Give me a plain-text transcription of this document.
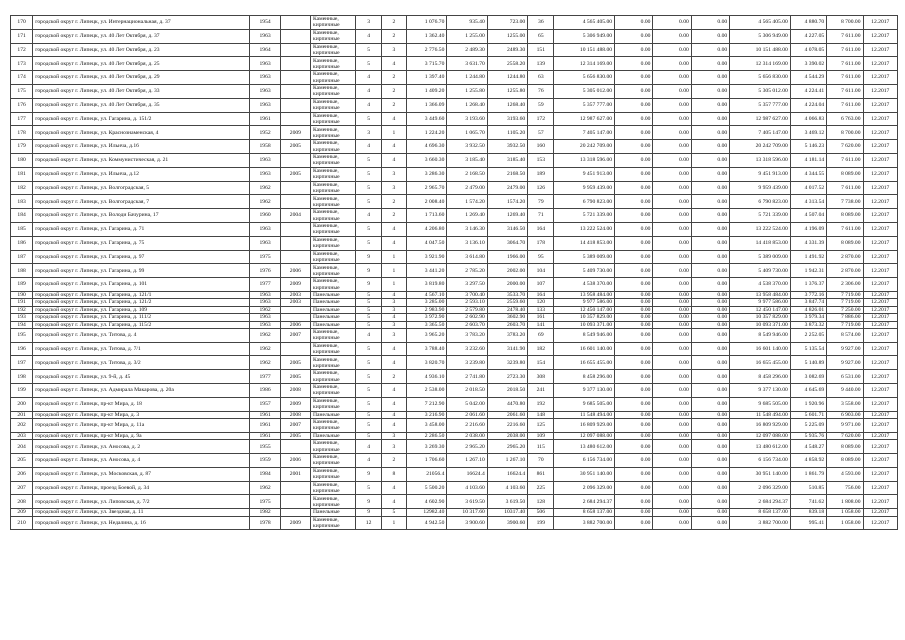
170	городской округ г. Липецк, ул. Интернациональная, д. 37	1954		Каменные, кирпичные	3	2	1 076.70	935.40	723.00	36	4 565 405.00	0.00	0.00	0.00	4 565 405.00	4 880.70	8 700.00	12.2017
171	городской округ г. Липецк, ул. 40 Лет Октября, д. 37	1963		Каменные, кирпичные	4	2	1 362.40	1 255.00	1255.00	65	5 306 949.00	0.00	0.00	0.00	5 306 949.00	4 227.05	7 611.00	12.2017
172	городской округ г. Липецк, ул. 40 Лет Октября, д. 23	1964		Каменные, кирпичные	5	3	2 776.50	2 489.30	2489.30	151	10 151 488.00	0.00	0.00	0.00	10 151 488.00	4 078.05	7 611.00	12.2017
173	городской округ г. Липецк, ул. 40 Лет Октября, д. 25	1963		Каменные, кирпичные	5	4	3 715.70	3 631.70	2558.20	139	12 314 169.00	0.00	0.00	0.00	12 314 169.00	3 390.02	7 611.00	12.2017
174	городской округ г. Липецк, ул. 40 Лет Октября, д. 29	1963		Каменные, кирпичные	4	2	1 397.40	1 244.80	1244.80	63	5 656 830.00	0.00	0.00	0.00	5 656 830.00	4 544.29	7 611.00	12.2017
175	городской округ г. Липецк, ул. 40 Лет Октября, д. 33	1963		Каменные, кирпичные	4	2	1 409.20	1 255.80	1255.80	76	5 305 012.00	0.00	0.00	0.00	5 305 012.00	4 224.41	7 611.00	12.2017
176	городской округ г. Липецк, ул. 40 Лет Октября, д. 35	1963		Каменные, кирпичные	4	2	1 366.09	1 268.40	1268.40	59	5 357 777.00	0.00	0.00	0.00	5 357 777.00	4 224.04	7 611.00	12.2017
177	городской округ г. Липецк, ул. Гагарина, д. 151/2	1961		Каменные, кирпичные	5	4	3 449.60	3 193.60	3193.60	172	12 987 627.00	0.00	0.00	0.00	12 987 627.00	4 066.83	6 763.00	12.2017
178	городской округ г. Липецк, ул. Краснознаменская, 4	1952	2009	Каменные, кирпичные	3	1	1 224.20	1 065.70	1105.20	57	7 405 147.00	0.00	0.00	0.00	7 405 147.00	3 469.12	8 700.00	12.2017
179	городской округ г. Липецк, ул. Ильича, д.16	1958	2005	Каменные, кирпичные	4	4	4 696.30	3 932.50	3932.50	160	20 242 709.00	0.00	0.00	0.00	20 242 709.00	5 146.23	7 620.00	12.2017
180	городской округ г. Липецк, ул. Коммунистическая, д. 21	1963		Каменные, кирпичные	5	4	3 660.30	3 185.40	3185.40	153	13 318 596.00	0.00	0.00	0.00	13 318 596.00	4 181.14	7 611.00	12.2017
181	городской округ г. Липецк, ул. Ильича, д.12	1963	2005	Каменные, кирпичные	5	3	3 286.30	2 168.50	2168.50	189	9 451 913.00	0.00	0.00	0.00	9 451 913.00	4 344.55	8 089.00	12.2017
182	городской округ г. Липецк, ул. Волгоградская, 5	1962		Каменные, кирпичные	5	3	2 965.70	2 479.00	2479.00	126	9 959 439.00	0.00	0.00	0.00	9 959 439.00	4 017.52	7 611.00	12.2017
183	городской округ г. Липецк, ул. Волгоградская, 7	1962		Каменные, кирпичные	5	2	2 008.40	1 574.20	1574.20	79	6 790 823.00	0.00	0.00	0.00	6 790 823.00	4 313.54	7 738.00	12.2017
184	городской округ г. Липецк, ул. Володи Бачурина, 17	1960	2004	Каменные, кирпичные	4	2	1 713.60	1 269.40	1269.40	71	5 721 339.00	0.00	0.00	0.00	5 721 339.00	4 507.04	8 089.00	12.2017
185	городской округ г. Липецк, ул. Гагарина, д. 71	1963		Каменные, кирпичные	5	4	4 206.80	3 146.30	3146.50	164	13 222 524.00	0.00	0.00	0.00	13 222 524.00	4 196.09	7 611.00	12.2017
186	городской округ г. Липецк, ул. Гагарина, д. 75	1963		Каменные, кирпичные	5	4	4 047.50	3 136.10	3064.70	178	14 418 853.00	0.00	0.00	0.00	14 418 853.00	4 331.39	8 089.00	12.2017
187	городской округ г. Липецк, ул. Гагарина, д. 97	1975		Каменные, кирпичные	9	1	3 921.90	3 614.80	1966.00	95	5 389 009.00	0.00	0.00	0.00	5 389 009.00	1 491.92	2 870.00	12.2017
188	городской округ г. Липецк, ул. Гагарина, д. 99	1976	2006	Каменные, кирпичные	9	1	3 441.20	2 785.20	2002.00	104	5 409 730.00	0.00	0.00	0.00	5 409 730.00	1 942.31	2 870.00	12.2017
189	городской округ г. Липецк, ул. Гагарина, д. 101	1977	2009	Каменные, кирпичные	9	1	3 819.80	3 297.50	2000.00	107	4 538 370.00	0.00	0.00	0.00	4 538 370.00	1 376.37	2 306.00	12.2017
190	городской округ г. Липецк, ул. Гагарина, д. 121/1	1963	2003	Панельные	5	4	4 567.10	3 700.40	3533.70	164	13 958 484.00	0.00	0.00	0.00	13 958 484.00	3 772.16	7 719.00	12.2017
191	городской округ г. Липецк, ул. Гагарина, д. 121/2	1963	2003	Панельные	5	3	3 285.00	2 593.10	2559.60	120	9 977 586.00	0.00	0.00	0.00	9 977 586.00	3 847.74	7 719.00	12.2017
192	городской округ г. Липецк, ул. Гагарина, д. 109	1962		Панельные	5	3	2 983.90	2 579.80	2478.40	133	12 450 147.00	0.00	0.00	0.00	12 450 147.00	4 826.01	7 250.00	12.2017
193	городской округ г. Липецк, ул. Гагарина, д. 111/2	1963		Панельные	5	4	3 972.90	2 602.90	3602.90	161	10 357 829.00	0.00	0.00	0.00	10 357 829.00	3 979.34	7 886.00	12.2017
194	городской округ г. Липецк, ул. Гагарина, д. 115/2	1963	2006	Панельные	5	3	3 365.50	2 603.70	2603.70	141	10 093 371.00	0.00	0.00	0.00	10 093 371.00	3 873.32	7 719.00	12.2017
195	городской округ г. Липецк, ул. Титова, д. 4	1962	2007	Каменные, кирпичные	4	3	3 965.20	3 783.20	3783.20	69	8 549 946.00	0.00	0.00	0.00	8 549 946.00	2 252.05	8 574.00	12.2017
196	городской округ г. Липецк, ул. Титова, д. 7/1	1962		Каменные, кирпичные	5	4	3 788.40	3 232.60	3141.90	182	16 601 140.00	0.00	0.00	0.00	16 601 140.00	5 135.54	9 927.00	12.2017
197	городской округ г. Липецк, ул. Титова, д. 3/2	1962	2005	Каменные, кирпичные	5	4	3 820.70	3 239.80	3239.80	154	16 655 455.00	0.00	0.00	0.00	16 655 455.00	5 140.89	9 927.00	12.2017
198	городской округ г. Липецк, ул. 9-й, д. 45	1977	2005	Каменные, кирпичные	5	2	4 936.10	2 741.80	2723.30	308	8 458 296.00	0.00	0.00	0.00	8 458 296.00	3 082.69	6 531.00	12.2017
199	городской округ г. Липецк, ул. Адмирала Макарова, д. 20а	1986	2008	Каменные, кирпичные	5	4	2 538.00	2 018.50	2018.50	241	9 377 130.00	0.00	0.00	0.00	9 377 130.00	4 645.69	9 440.00	12.2017
200	городской округ г. Липецк, пр-кт Мира, д. 18	1957	2009	Каменные, кирпичные	5	4	7 212.90	5 042.00	4470.80	192	9 685 505.00	0.00	0.00	0.00	9 685 505.00	1 920.96	3 558.00	12.2017
201	городской округ г. Липецк, пр-кт Мира, д. 3	1961	2008	Панельные	5	4	3 216.90	2 061.60	2061.60	148	11 548 494.00	0.00	0.00	0.00	11 548 494.00	5 601.71	6 903.00	12.2017
202	городской округ г. Липецк, пр-кт Мира, д. 11а	1961	2007	Каменные, кирпичные	5	4	3 458.00	2 216.60	2216.60	125	16 809 929.00	0.00	0.00	0.00	16 809 929.00	5 225.09	9 971.00	12.2017
203	городской округ г. Липецк, пр-кт Мира, д. 9а	1961	2005	Панельные	5	3	2 286.50	2 038.00	2038.00	109	12 097 088.00	0.00	0.00	0.00	12 097 088.00	5 935.76	7 620.00	12.2017
204	городской округ г. Липецк, ул. Аносова, д. 2	1955		Каменные, кирпичные	4	3	3 269.30	2 965.20	2965.20	115	13 480 612.00	0.00	0.00	0.00	13 480 612.00	4 548.27	8 089.00	12.2017
205	городской округ г. Липецк, ул. Аносова, д. 4	1959	2006	Каменные, кирпичные	4	2	1 706.60	1 267.10	1 267.10	70	6 156 734.00	0.00	0.00	0.00	6 156 734.00	4 858.92	8 089.00	12.2017
206	городской округ г. Липецк, ул. Московская, д. 87	1984	2001	Каменные, кирпичные	9	8	21056.4	16624.4	16624.4	861	30 951 140.00	0.00	0.00	0.00	30 951 140.00	1 861.79	4 593.00	12.2017
207	городской округ г. Липецк, проезд Боевой, д. 34	1962		Каменные, кирпичные	5	4	5 500.20	4 103.60	4 103.60	225	2 096 329.00	0.00	0.00	0.00	2 096 329.00	510.85	756.00	12.2017
208	городской округ г. Липецк, ул. Липовская, д. 7/2	1975		Каменные, кирпичные	9	4	4 602.90	3 619.50	3 619.50	128	2 684 294.37	0.00	0.00	0.00	2 684 294.37	741.62	1 808.00	12.2017
209	городской округ г. Липецк, ул. Звездная, д. 11	1982		Панельные	9	5	12982.40	10 317.60	10317.40	506	8 658 137.00	0.00	0.00	0.00	8 658 137.00	839.18	1 058.00	12.2017
210	городской округ г. Липецк, ул. Недалина, д. 16	1978	2009	Каменные, кирпичные	12	1	4 942.50	3 900.60	3900.60	199	3 882 700.00	0.00	0.00	0.00	3 882 700.00	995.41	1 058.00	12.2017
